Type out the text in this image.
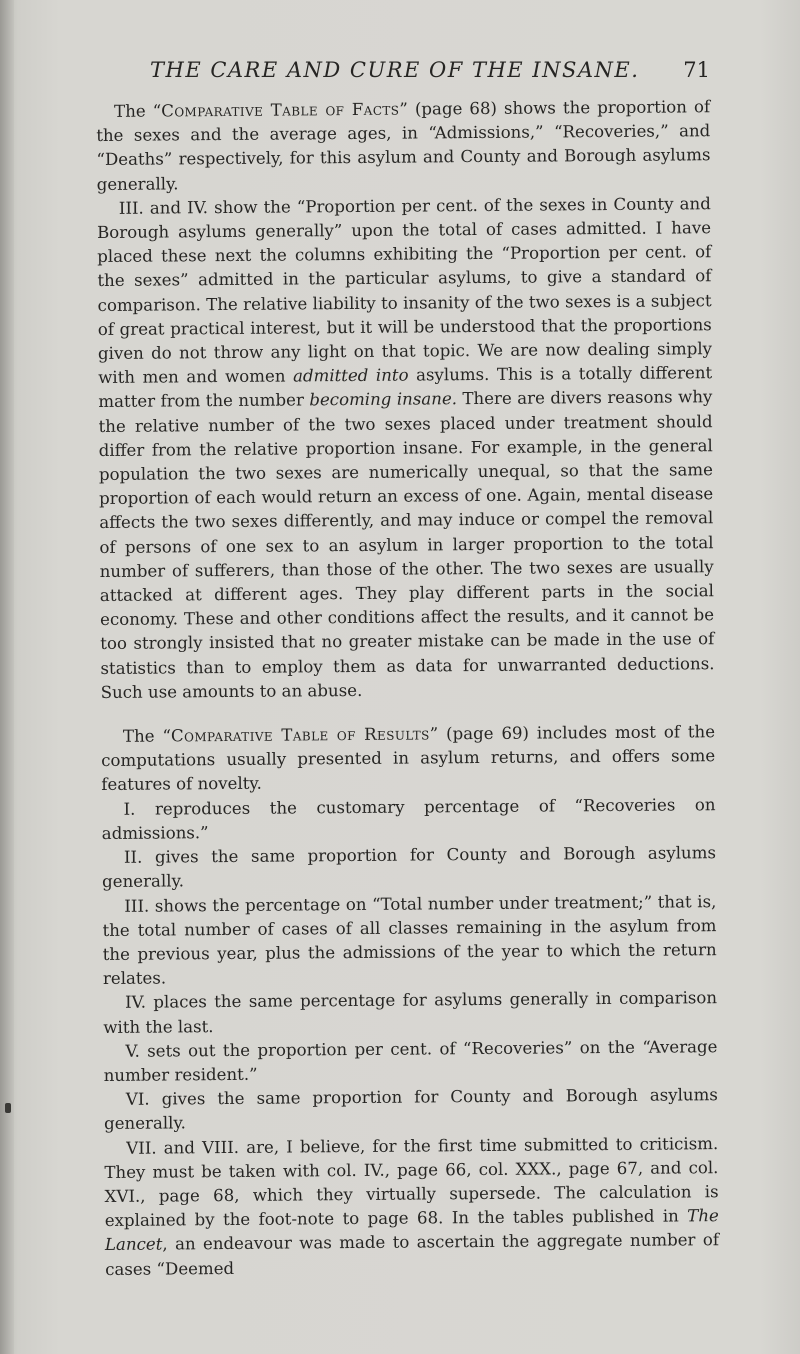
THE CARE AND CURE OF THE INSANE. 71

The “Comparative Table of Facts” (page 68) shows the proportion of the sexes and the average ages, in “Admissions,” “Recoveries,” and “Deaths” respectively, for this asylum and County and Borough asylums generally.

III. and IV. show the “Proportion per cent. of the sexes in County and Borough asylums generally” upon the total of cases admitted. I have placed these next the columns exhibiting the “Proportion per cent. of the sexes” admitted in the particular asylums, to give a standard of comparison. The relative liability to insanity of the two sexes is a subject of great practical interest, but it will be understood that the proportions given do not throw any light on that topic. We are now dealing simply with men and women admitted into asylums. This is a totally different matter from the number becoming insane. There are divers reasons why the relative number of the two sexes placed under treatment should differ from the relative proportion insane. For example, in the general population the two sexes are numerically unequal, so that the same proportion of each would return an excess of one. Again, mental disease affects the two sexes differently, and may induce or compel the removal of persons of one sex to an asylum in larger proportion to the total number of sufferers, than those of the other. The two sexes are usually attacked at different ages. They play different parts in the social economy. These and other conditions affect the results, and it cannot be too strongly insisted that no greater mistake can be made in the use of statistics than to employ them as data for unwarranted deductions. Such use amounts to an abuse.

The “Comparative Table of Results” (page 69) includes most of the computations usually presented in asylum returns, and offers some features of novelty.

I. reproduces the customary percentage of “Recoveries on admissions.”

II. gives the same proportion for County and Borough asylums generally.

III. shows the percentage on “Total number under treatment;” that is, the total number of cases of all classes remaining in the asylum from the previous year, plus the admissions of the year to which the return relates.

IV. places the same percentage for asylums generally in comparison with the last.

V. sets out the proportion per cent. of “Recoveries” on the “Average number resident.”

VI. gives the same proportion for County and Borough asylums generally.

VII. and VIII. are, I believe, for the first time submitted to criticism. They must be taken with col. IV., page 66, col. XXX., page 67, and col. XVI., page 68, which they virtually supersede. The calculation is explained by the foot-note to page 68. In the tables published in The Lancet, an endeavour was made to ascertain the aggregate number of cases “Deemed
